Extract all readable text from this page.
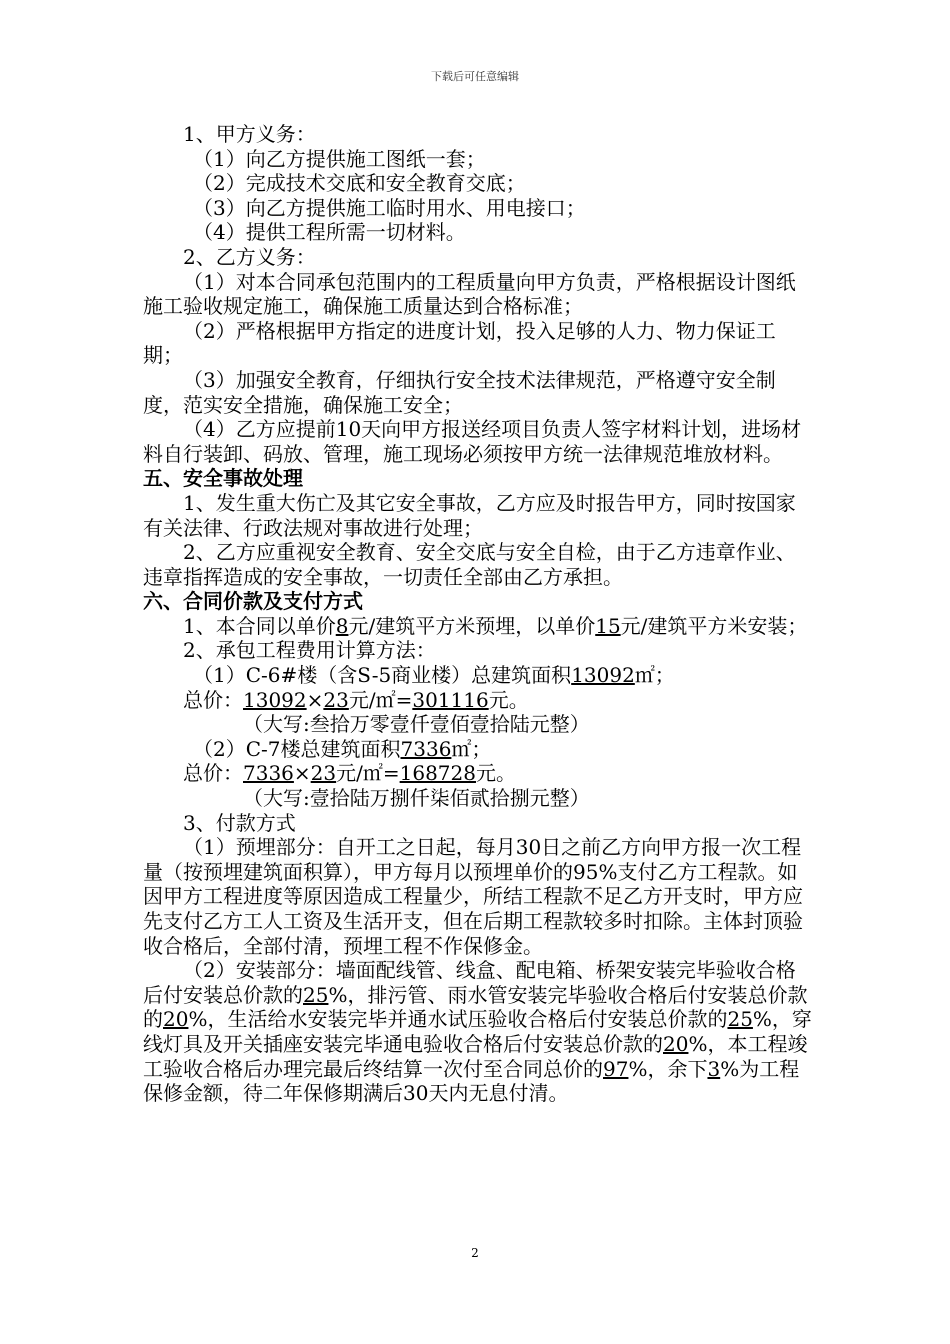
下载后可任意编辑

1、甲方义务：

（1）向乙方提供施工图纸一套；

（2）完成技术交底和安全教育交底；

（3）向乙方提供施工临时用水、用电接口；

（4）提供工程所需一切材料。

2、乙方义务：

（1）对本合同承包范围内的工程质量向甲方负责，严格根据设计图纸施工验收规定施工，确保施工质量达到合格标准；

（2）严格根据甲方指定的进度计划，投入足够的人力、物力保证工期；

（3）加强安全教育，仔细执行安全技术法律规范，严格遵守安全制度，范实安全措施，确保施工安全；

（4）乙方应提前10天向甲方报送经项目负责人签字材料计划，进场材料自行装卸、码放、管理，施工现场必须按甲方统一法律规范堆放材料。

五、安全事故处理

1、发生重大伤亡及其它安全事故，乙方应及时报告甲方，同时按国家有关法律、行政法规对事故进行处理；

2、乙方应重视安全教育、安全交底与安全自检，由于乙方违章作业、违章指挥造成的安全事故，一切责任全部由乙方承担。

六、合同价款及支付方式

1、本合同以单价8元/建筑平方米预埋，以单价15元/建筑平方米安装；

2、承包工程费用计算方法：

（1）C-6#楼（含S-5商业楼）总建筑面积13092㎡；

总价：13092×23元/㎡=301116元。

（大写:叁拾万零壹仟壹佰壹拾陆元整）

（2）C-7楼总建筑面积7336㎡；

总价：7336×23元/㎡=168728元。

（大写:壹拾陆万捌仟柒佰贰拾捌元整）

3、付款方式

（1）预埋部分：自开工之日起，每月30日之前乙方向甲方报一次工程量（按预埋建筑面积算），甲方每月以预埋单价的95%支付乙方工程款。如因甲方工程进度等原因造成工程量少，所结工程款不足乙方开支时，甲方应先支付乙方工人工资及生活开支，但在后期工程款较多时扣除。主体封顶验收合格后，全部付清，预埋工程不作保修金。

（2）安装部分：墙面配线管、线盒、配电箱、桥架安装完毕验收合格后付安装总价款的25%，排污管、雨水管安装完毕验收合格后付安装总价款的20%，生活给水安装完毕并通水试压验收合格后付安装总价款的25%，穿线灯具及开关插座安装完毕通电验收合格后付安装总价款的20%，本工程竣工验收合格后办理完最后终结算一次付至合同总价的97%，余下3%为工程保修金额，待二年保修期满后30天内无息付清。

2
